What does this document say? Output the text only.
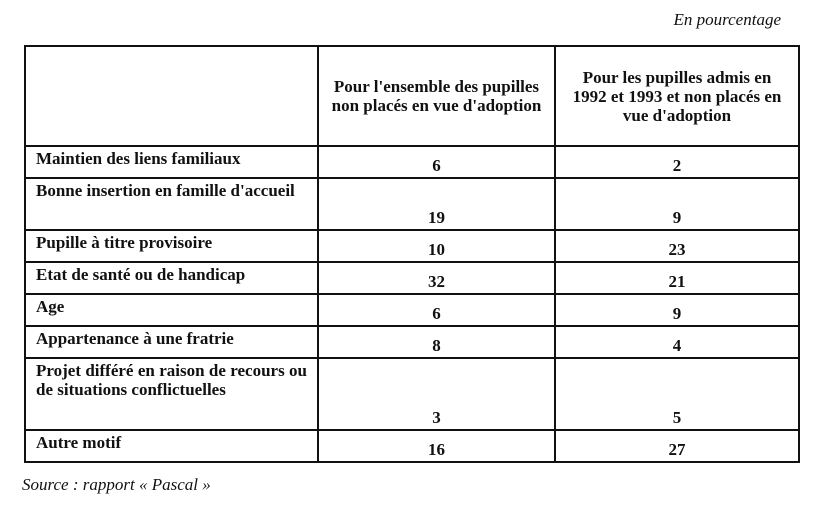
En pourcentage
	Pour l'ensemble des pupilles non placés en vue d'adoption	Pour les pupilles admis en 1992 et 1993 et non placés en vue d'adoption
Maintien des liens familiaux	6	2
Bonne insertion en famille d'accueil	19	9
Pupille à titre provisoire	10	23
Etat de santé ou de handicap	32	21
Age	6	9
Appartenance à une fratrie	8	4
Projet différé en raison de recours ou de situations conflictuelles	3	5
Autre motif	16	27
Source : rapport « Pascal »
